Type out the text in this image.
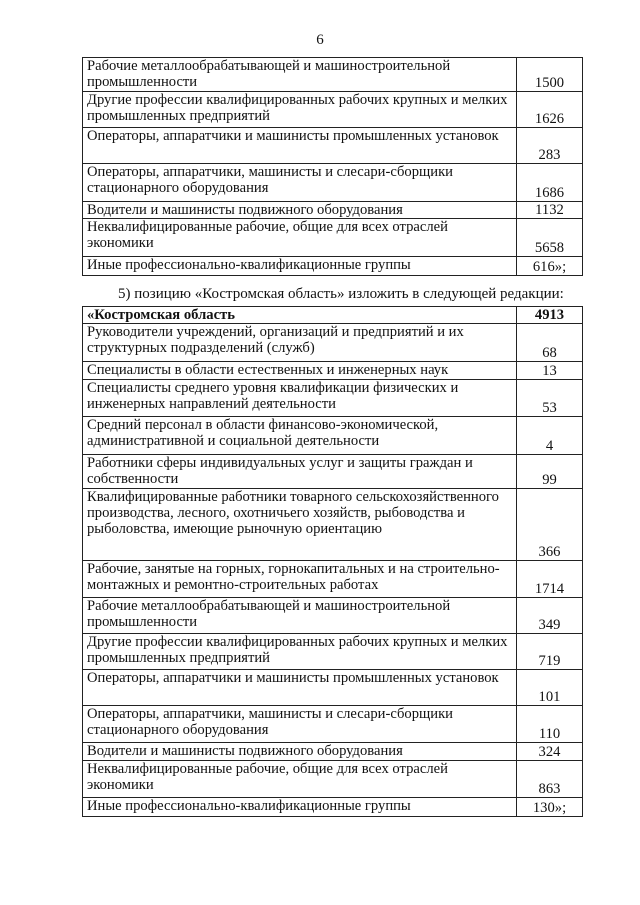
6
Рабочие металлообрабатывающей и машиностроительной промышленности	1500
Другие профессии квалифицированных рабочих крупных и мелких промышленных предприятий	1626
Операторы, аппаратчики и машинисты промышленных установок	283
Операторы, аппаратчики, машинисты и слесари-сборщики стационарного оборудования	1686
Водители и машинисты подвижного оборудования	1132
Неквалифицированные рабочие, общие для всех отраслей экономики	5658
Иные профессионально-квалификационные группы	616»;
5) позицию «Костромская область» изложить в следующей редакции:
«Костромская область	4913
Руководители учреждений, организаций и предприятий и их структурных подразделений (служб)	68
Специалисты в области естественных и инженерных наук	13
Специалисты среднего уровня квалификации физических и инженерных направлений деятельности	53
Средний персонал в области финансово-экономической, административной и социальной деятельности	4
Работники сферы индивидуальных услуг и защиты граждан и собственности	99
Квалифицированные работники товарного сельскохозяйственного производства, лесного, охотничьего хозяйств, рыбоводства и рыболовства, имеющие рыночную ориентацию	366
Рабочие, занятые на горных, горнокапитальных и на строительно-монтажных и ремонтно-строительных работах	1714
Рабочие металлообрабатывающей и машиностроительной промышленности	349
Другие профессии квалифицированных рабочих крупных и мелких промышленных предприятий	719
Операторы, аппаратчики и машинисты промышленных установок	101
Операторы, аппаратчики, машинисты и слесари-сборщики стационарного оборудования	110
Водители и машинисты подвижного оборудования	324
Неквалифицированные рабочие, общие для всех отраслей экономики	863
Иные профессионально-квалификационные группы	130»;
